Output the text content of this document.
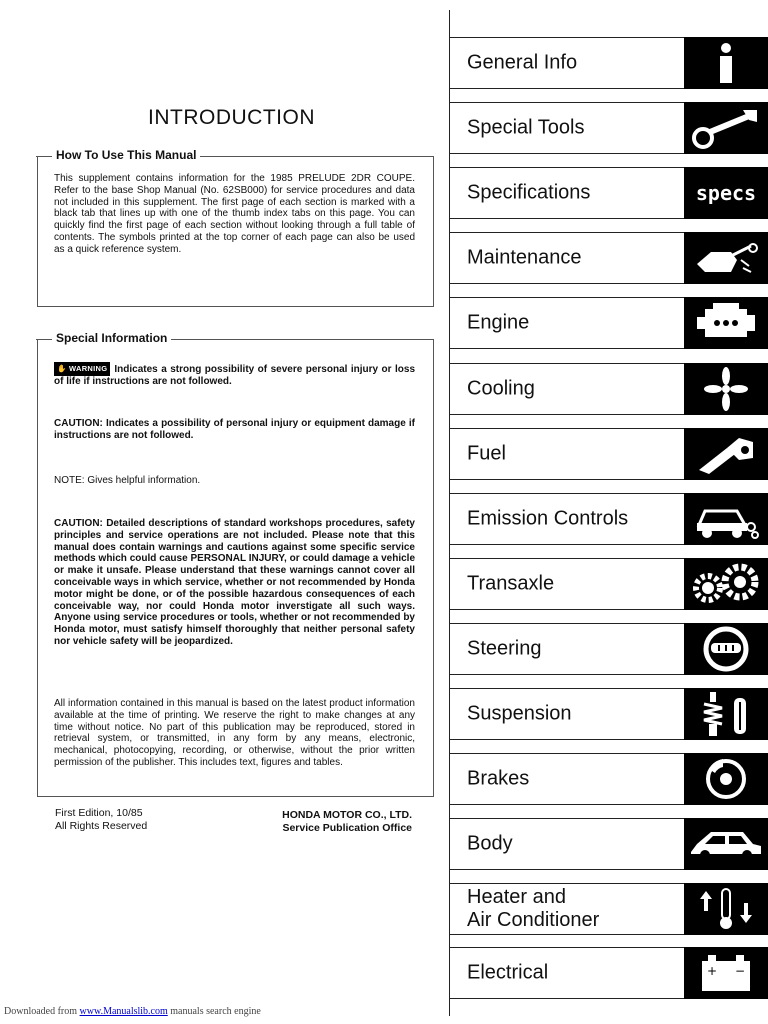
INTRODUCTION
How To Use This Manual
This supplement contains information for the 1985 PRELUDE 2DR COUPE. Refer to the base Shop Manual (No. 62SB000) for service procedures and data not included in this supplement. The first page of each section is marked with a black tab that lines up with one of the thumb index tabs on this page. You can quickly find the first page of each section without looking through a full table of contents. The symbols printed at the top corner of each page can also be used as a quick reference system.
Special Information
✋ WARNING Indicates a strong possibility of severe personal injury or loss of life if instructions are not followed.
CAUTION: Indicates a possibility of personal injury or equipment damage if instructions are not followed.
NOTE: Gives helpful information.
CAUTION: Detailed descriptions of standard workshops procedures, safety principles and service operations are not included. Please note that this manual does contain warnings and cautions against some specific service methods which could cause PERSONAL INJURY, or could damage a vehicle or make it unsafe. Please understand that these warnings cannot cover all conceivable ways in which service, whether or not recommended by Honda motor might be done, or of the possible hazardous consequences of each conceivable way, nor could Honda motor inverstigate all such ways. Anyone using service procedures or tools, whether or not recommended by Honda motor, must satisfy himself thoroughly that neither personal safety nor vehicle safety will be jeopardized.
All information contained in this manual is based on the latest product information available at the time of printing. We reserve the right to make changes at any time without notice. No part of this publication may be reproduced, stored in retrieval system, or transmitted, in any form by any means, electronic, mechanical, photocopying, recording, or otherwise, without the prior written permission of the publisher. This includes text, figures and tables.
First Edition, 10/85
All Rights Reserved
HONDA MOTOR CO., LTD.
Service Publication Office
General Info
Special Tools
Specifications	specs
Maintenance
Engine
Cooling
Fuel
Emission Controls
Transaxle
Steering
Suspension
Brakes
Body
Heater and
Air Conditioner
Electrical	+ −
Downloaded from www.Manualslib.com manuals search engine
